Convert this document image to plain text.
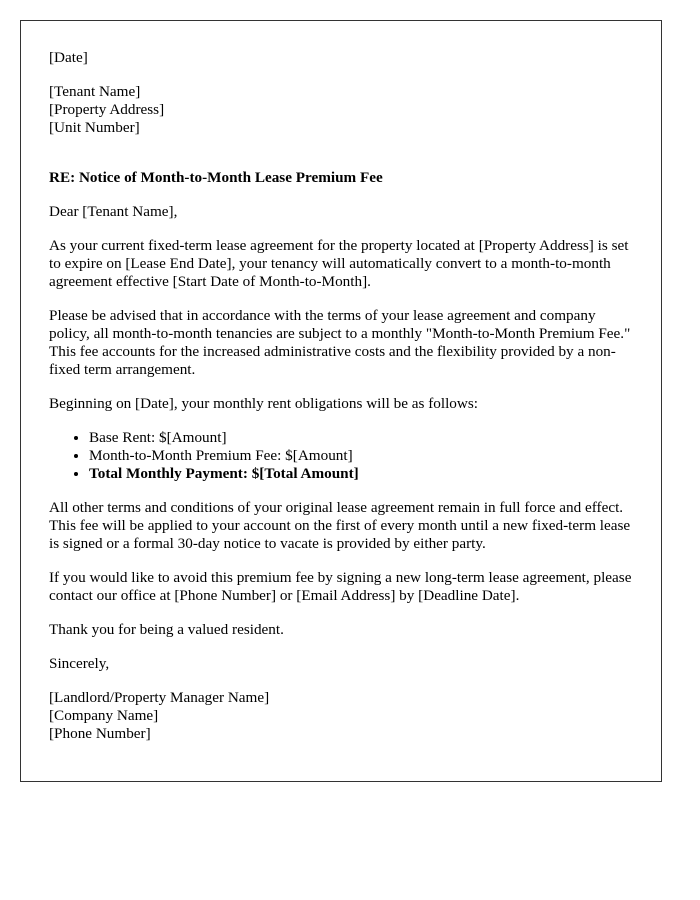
[Date]

[Tenant Name]
[Property Address]
[Unit Number]

RE: Notice of Month-to-Month Lease Premium Fee

Dear [Tenant Name],

As your current fixed-term lease agreement for the property located at [Property Address] is set to expire on [Lease End Date], your tenancy will automatically convert to a month-to-month agreement effective [Start Date of Month-to-Month].

Please be advised that in accordance with the terms of your lease agreement and company policy, all month-to-month tenancies are subject to a monthly "Month-to-Month Premium Fee." This fee accounts for the increased administrative costs and the flexibility provided by a non-fixed term arrangement.

Beginning on [Date], your monthly rent obligations will be as follows:

• Base Rent: $[Amount]
• Month-to-Month Premium Fee: $[Amount]
• Total Monthly Payment: $[Total Amount]

All other terms and conditions of your original lease agreement remain in full force and effect. This fee will be applied to your account on the first of every month until a new fixed-term lease is signed or a formal 30-day notice to vacate is provided by either party.

If you would like to avoid this premium fee by signing a new long-term lease agreement, please contact our office at [Phone Number] or [Email Address] by [Deadline Date].

Thank you for being a valued resident.

Sincerely,

[Landlord/Property Manager Name]
[Company Name]
[Phone Number]
